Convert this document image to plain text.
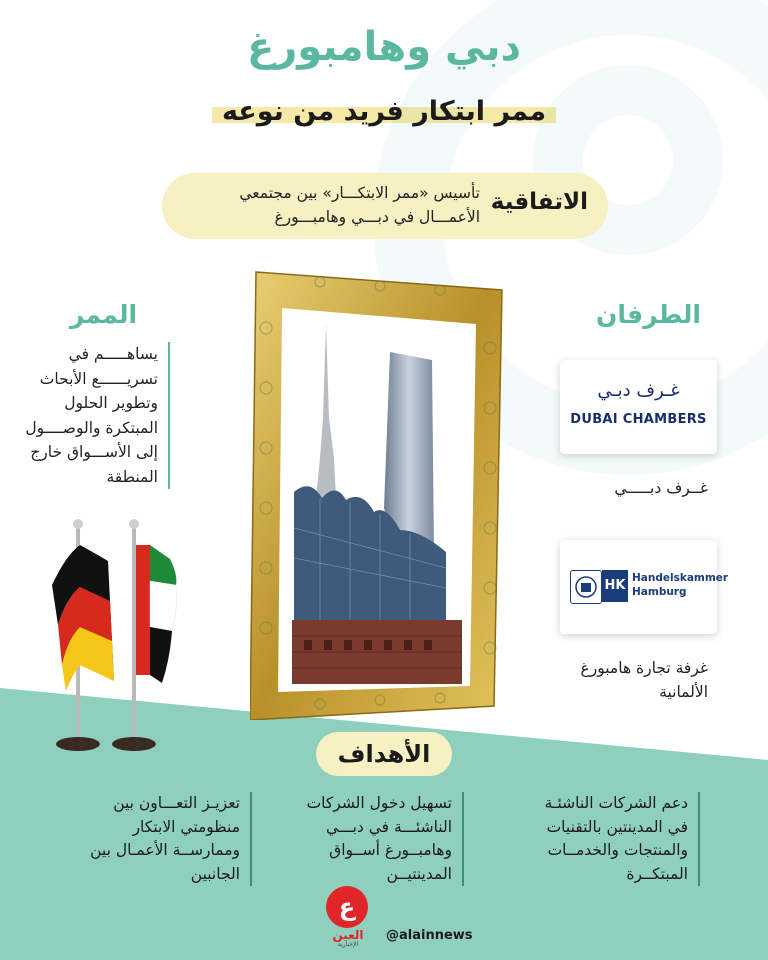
دبي وهامبورغ
ممر ابتكار فريد من نوعه
الاتفاقية
تأسيس «ممر الابتكـــار» بين مجتمعي الأعمـــال في دبـــي وهامبـــورغ
الممر
يساهـــــم في تسريــــــع الأبحاث وتطوير الحلول المبتكرة والوصــــول إلى الأســـواق خارج المنطقة
الطرفان
غـرف دبـي
DUBAI CHAMBERS
غــرف دبـــــي
HK Handelskammer
Hamburg
غرفة تجارة هامبورغ الألمانية
الأهداف
دعم الشركات الناشئـة في المدينتين بالتقنيات والمنتجات والخدمــات المبتكــرة
تسهيل دخول الشركات الناشئـــة في دبـــي وهامبــورغ أســواق المدينتيــن
تعزيـز التعـــاون بين منظومتي الابتكار وممارســة الأعمـال بين الجانبين
ع
العين
الإخبارية
@alainnews
